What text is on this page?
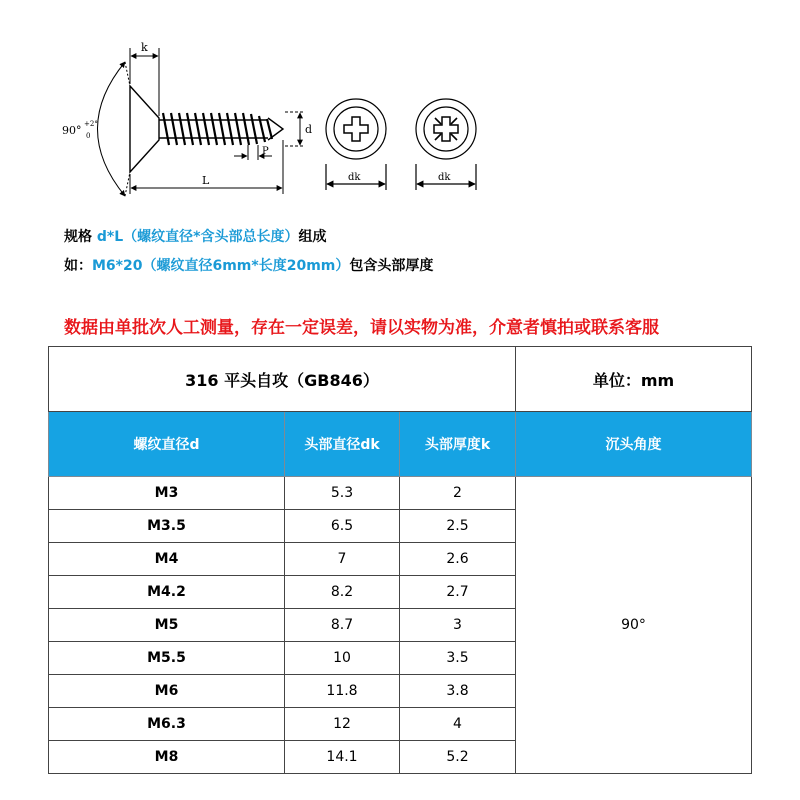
90° +2°
0
k
d
P
L	dk	dk
规格 d*L（螺纹直径*含头部总长度）组成
如：M6*20（螺纹直径6mm*长度20mm）包含头部厚度
数据由单批次人工测量，存在一定误差，请以实物为准，介意者慎拍或联系客服
316 平头自攻（GB846）			单位：mm
螺纹直径d	头部直径dk	头部厚度k	沉头角度
M3	5.3	2	90°
M3.5	6.5	2.5	
M4	7	2.6	
M4.2	8.2	2.7	
M5	8.7	3	
M5.5	10	3.5	
M6	11.8	3.8	
M6.3	12	4	
M8	14.1	5.2	
